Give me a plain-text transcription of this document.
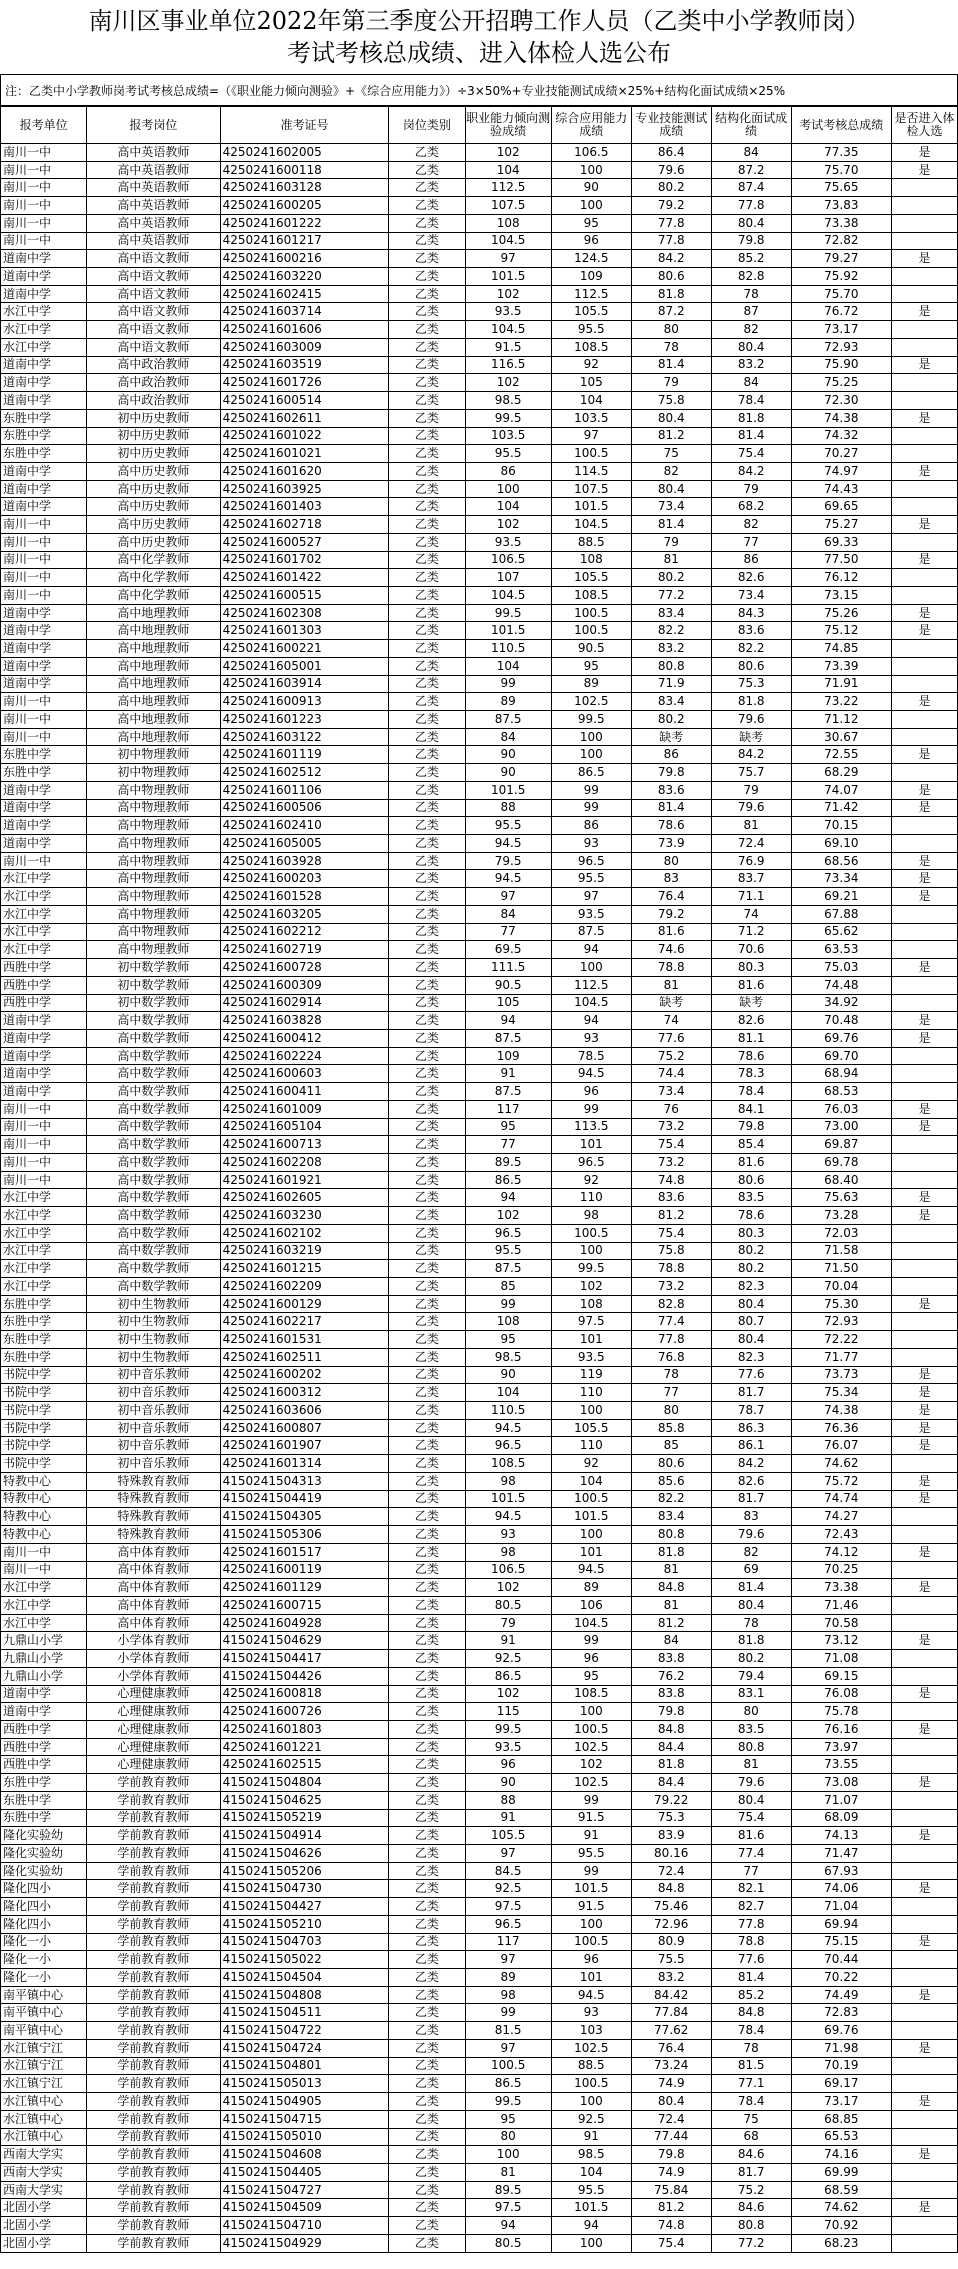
南川区事业单位2022年第三季度公开招聘工作人员（乙类中小学教师岗）
考试考核总成绩、进入体检人选公布
注：乙类中小学教师岗考试考核总成绩=（《职业能力倾向测验》+《综合应用能力》）÷3×50%+专业技能测试成绩×25%+结构化面试成绩×25%
报考单位	报考岗位	准考证号	岗位类别	职业能力倾向测验成绩	综合应用能力成绩	专业技能测试成绩	结构化面试成绩	考试考核总成绩	是否进入体检人选
南川一中	高中英语教师	4250241602005	乙类	102	106.5	86.4	84	77.35	是
南川一中	高中英语教师	4250241600118	乙类	104	100	79.6	87.2	75.70	是
南川一中	高中英语教师	4250241603128	乙类	112.5	90	80.2	87.4	75.65	
南川一中	高中英语教师	4250241600205	乙类	107.5	100	79.2	77.8	73.83	
南川一中	高中英语教师	4250241601222	乙类	108	95	77.8	80.4	73.38	
南川一中	高中英语教师	4250241601217	乙类	104.5	96	77.8	79.8	72.82	
道南中学	高中语文教师	4250241600216	乙类	97	124.5	84.2	85.2	79.27	是
道南中学	高中语文教师	4250241603220	乙类	101.5	109	80.6	82.8	75.92	
道南中学	高中语文教师	4250241602415	乙类	102	112.5	81.8	78	75.70	
水江中学	高中语文教师	4250241603714	乙类	93.5	105.5	87.2	87	76.72	是
水江中学	高中语文教师	4250241601606	乙类	104.5	95.5	80	82	73.17	
水江中学	高中语文教师	4250241603009	乙类	91.5	108.5	78	80.4	72.93	
道南中学	高中政治教师	4250241603519	乙类	116.5	92	81.4	83.2	75.90	是
道南中学	高中政治教师	4250241601726	乙类	102	105	79	84	75.25	
道南中学	高中政治教师	4250241600514	乙类	98.5	104	75.8	78.4	72.30	
东胜中学	初中历史教师	4250241602611	乙类	99.5	103.5	80.4	81.8	74.38	是
东胜中学	初中历史教师	4250241601022	乙类	103.5	97	81.2	81.4	74.32	
东胜中学	初中历史教师	4250241601021	乙类	95.5	100.5	75	75.4	70.27	
道南中学	高中历史教师	4250241601620	乙类	86	114.5	82	84.2	74.97	是
道南中学	高中历史教师	4250241603925	乙类	100	107.5	80.4	79	74.43	
道南中学	高中历史教师	4250241601403	乙类	104	101.5	73.4	68.2	69.65	
南川一中	高中历史教师	4250241602718	乙类	102	104.5	81.4	82	75.27	是
南川一中	高中历史教师	4250241600527	乙类	93.5	88.5	79	77	69.33	
南川一中	高中化学教师	4250241601702	乙类	106.5	108	81	86	77.50	是
南川一中	高中化学教师	4250241601422	乙类	107	105.5	80.2	82.6	76.12	
南川一中	高中化学教师	4250241600515	乙类	104.5	108.5	77.2	73.4	73.15	
道南中学	高中地理教师	4250241602308	乙类	99.5	100.5	83.4	84.3	75.26	是
道南中学	高中地理教师	4250241601303	乙类	101.5	100.5	82.2	83.6	75.12	是
道南中学	高中地理教师	4250241600221	乙类	110.5	90.5	83.2	82.2	74.85	
道南中学	高中地理教师	4250241605001	乙类	104	95	80.8	80.6	73.39	
道南中学	高中地理教师	4250241603914	乙类	99	89	71.9	75.3	71.91	
南川一中	高中地理教师	4250241600913	乙类	89	102.5	83.4	81.8	73.22	是
南川一中	高中地理教师	4250241601223	乙类	87.5	99.5	80.2	79.6	71.12	
南川一中	高中地理教师	4250241603122	乙类	84	100	缺考	缺考	30.67	
东胜中学	初中物理教师	4250241601119	乙类	90	100	86	84.2	72.55	是
东胜中学	初中物理教师	4250241602512	乙类	90	86.5	79.8	75.7	68.29	
道南中学	高中物理教师	4250241601106	乙类	101.5	99	83.6	79	74.07	是
道南中学	高中物理教师	4250241600506	乙类	88	99	81.4	79.6	71.42	是
道南中学	高中物理教师	4250241602410	乙类	95.5	86	78.6	81	70.15	
道南中学	高中物理教师	4250241605005	乙类	94.5	93	73.9	72.4	69.10	
南川一中	高中物理教师	4250241603928	乙类	79.5	96.5	80	76.9	68.56	是
水江中学	高中物理教师	4250241600203	乙类	94.5	95.5	83	83.7	73.34	是
水江中学	高中物理教师	4250241601528	乙类	97	97	76.4	71.1	69.21	是
水江中学	高中物理教师	4250241603205	乙类	84	93.5	79.2	74	67.88	
水江中学	高中物理教师	4250241602212	乙类	77	87.5	81.6	71.2	65.62	
水江中学	高中物理教师	4250241602719	乙类	69.5	94	74.6	70.6	63.53	
西胜中学	初中数学教师	4250241600728	乙类	111.5	100	78.8	80.3	75.03	是
西胜中学	初中数学教师	4250241600309	乙类	90.5	112.5	81	81.6	74.48	
西胜中学	初中数学教师	4250241602914	乙类	105	104.5	缺考	缺考	34.92	
道南中学	高中数学教师	4250241603828	乙类	94	94	74	82.6	70.48	是
道南中学	高中数学教师	4250241600412	乙类	87.5	93	77.6	81.1	69.76	是
道南中学	高中数学教师	4250241602224	乙类	109	78.5	75.2	78.6	69.70	
道南中学	高中数学教师	4250241600603	乙类	91	94.5	74.4	78.3	68.94	
道南中学	高中数学教师	4250241600411	乙类	87.5	96	73.4	78.4	68.53	
南川一中	高中数学教师	4250241601009	乙类	117	99	76	84.1	76.03	是
南川一中	高中数学教师	4250241605104	乙类	95	113.5	73.2	79.8	73.00	是
南川一中	高中数学教师	4250241600713	乙类	77	101	75.4	85.4	69.87	
南川一中	高中数学教师	4250241602208	乙类	89.5	96.5	73.2	81.6	69.78	
南川一中	高中数学教师	4250241601921	乙类	86.5	92	74.8	80.6	68.40	
水江中学	高中数学教师	4250241602605	乙类	94	110	83.6	83.5	75.63	是
水江中学	高中数学教师	4250241603230	乙类	102	98	81.2	78.6	73.28	是
水江中学	高中数学教师	4250241602102	乙类	96.5	100.5	75.4	80.3	72.03	
水江中学	高中数学教师	4250241603219	乙类	95.5	100	75.8	80.2	71.58	
水江中学	高中数学教师	4250241601215	乙类	87.5	99.5	78.8	80.2	71.50	
水江中学	高中数学教师	4250241602209	乙类	85	102	73.2	82.3	70.04	
东胜中学	初中生物教师	4250241600129	乙类	99	108	82.8	80.4	75.30	是
东胜中学	初中生物教师	4250241602217	乙类	108	97.5	77.4	80.7	72.93	
东胜中学	初中生物教师	4250241601531	乙类	95	101	77.8	80.4	72.22	
东胜中学	初中生物教师	4250241602511	乙类	98.5	93.5	76.8	82.3	71.77	
书院中学	初中音乐教师	4250241600202	乙类	90	119	78	77.6	73.73	是
书院中学	初中音乐教师	4250241600312	乙类	104	110	77	81.7	75.34	是
书院中学	初中音乐教师	4250241603606	乙类	110.5	100	80	78.7	74.38	是
书院中学	初中音乐教师	4250241600807	乙类	94.5	105.5	85.8	86.3	76.36	是
书院中学	初中音乐教师	4250241601907	乙类	96.5	110	85	86.1	76.07	是
书院中学	初中音乐教师	4250241601314	乙类	108.5	92	80.6	84.2	74.62	
特教中心	特殊教育教师	4150241504313	乙类	98	104	85.6	82.6	75.72	是
特教中心	特殊教育教师	4150241504419	乙类	101.5	100.5	82.2	81.7	74.74	是
特教中心	特殊教育教师	4150241504305	乙类	94.5	101.5	83.4	83	74.27	
特教中心	特殊教育教师	4150241505306	乙类	93	100	80.8	79.6	72.43	
南川一中	高中体育教师	4250241601517	乙类	98	101	81.8	82	74.12	是
南川一中	高中体育教师	4250241600119	乙类	106.5	94.5	81	69	70.25	
水江中学	高中体育教师	4250241601129	乙类	102	89	84.8	81.4	73.38	是
水江中学	高中体育教师	4250241600715	乙类	80.5	106	81	80.4	71.46	
水江中学	高中体育教师	4250241604928	乙类	79	104.5	81.2	78	70.58	
九鼎山小学	小学体育教师	4150241504629	乙类	91	99	84	81.8	73.12	是
九鼎山小学	小学体育教师	4150241504417	乙类	92.5	96	83.8	80.2	71.08	
九鼎山小学	小学体育教师	4150241504426	乙类	86.5	95	76.2	79.4	69.15	
道南中学	心理健康教师	4250241600818	乙类	102	108.5	83.8	83.1	76.08	是
道南中学	心理健康教师	4250241600726	乙类	115	100	79.8	80	75.78	
西胜中学	心理健康教师	4250241601803	乙类	99.5	100.5	84.8	83.5	76.16	是
西胜中学	心理健康教师	4250241601221	乙类	93.5	102.5	84.4	80.8	73.97	
西胜中学	心理健康教师	4250241602515	乙类	96	102	81.8	81	73.55	
东胜中学	学前教育教师	4150241504804	乙类	90	102.5	84.4	79.6	73.08	是
东胜中学	学前教育教师	4150241504625	乙类	88	99	79.22	80.4	71.07	
东胜中学	学前教育教师	4150241505219	乙类	91	91.5	75.3	75.4	68.09	
隆化实验幼	学前教育教师	4150241504914	乙类	105.5	91	83.9	81.6	74.13	是
隆化实验幼	学前教育教师	4150241504626	乙类	97	95.5	80.16	77.4	71.47	
隆化实验幼	学前教育教师	4150241505206	乙类	84.5	99	72.4	77	67.93	
隆化四小	学前教育教师	4150241504730	乙类	92.5	101.5	84.8	82.1	74.06	是
隆化四小	学前教育教师	4150241504427	乙类	97.5	91.5	75.46	82.7	71.04	
隆化四小	学前教育教师	4150241505210	乙类	96.5	100	72.96	77.8	69.94	
隆化一小	学前教育教师	4150241504703	乙类	117	100.5	80.9	78.8	75.15	是
隆化一小	学前教育教师	4150241505022	乙类	97	96	75.5	77.6	70.44	
隆化一小	学前教育教师	4150241504504	乙类	89	101	83.2	81.4	70.22	
南平镇中心	学前教育教师	4150241504808	乙类	98	94.5	84.42	85.2	74.49	是
南平镇中心	学前教育教师	4150241504511	乙类	99	93	77.84	84.8	72.83	
南平镇中心	学前教育教师	4150241504722	乙类	81.5	103	77.62	78.4	69.76	
水江镇宁江	学前教育教师	4150241504724	乙类	97	102.5	76.4	78	71.98	是
水江镇宁江	学前教育教师	4150241504801	乙类	100.5	88.5	73.24	81.5	70.19	
水江镇宁江	学前教育教师	4150241505013	乙类	86.5	100.5	74.9	77.1	69.17	
水江镇中心	学前教育教师	4150241504905	乙类	99.5	100	80.4	78.4	73.17	是
水江镇中心	学前教育教师	4150241504715	乙类	95	92.5	72.4	75	68.85	
水江镇中心	学前教育教师	4150241505010	乙类	80	91	77.44	68	65.53	
西南大学实	学前教育教师	4150241504608	乙类	100	98.5	79.8	84.6	74.16	是
西南大学实	学前教育教师	4150241504405	乙类	81	104	74.9	81.7	69.99	
西南大学实	学前教育教师	4150241504727	乙类	89.5	95.5	75.84	75.2	68.59	
北固小学	学前教育教师	4150241504509	乙类	97.5	101.5	81.2	84.6	74.62	是
北固小学	学前教育教师	4150241504710	乙类	94	94	74.8	80.8	70.92	
北固小学	学前教育教师	4150241504929	乙类	80.5	100	75.4	77.2	68.23	
